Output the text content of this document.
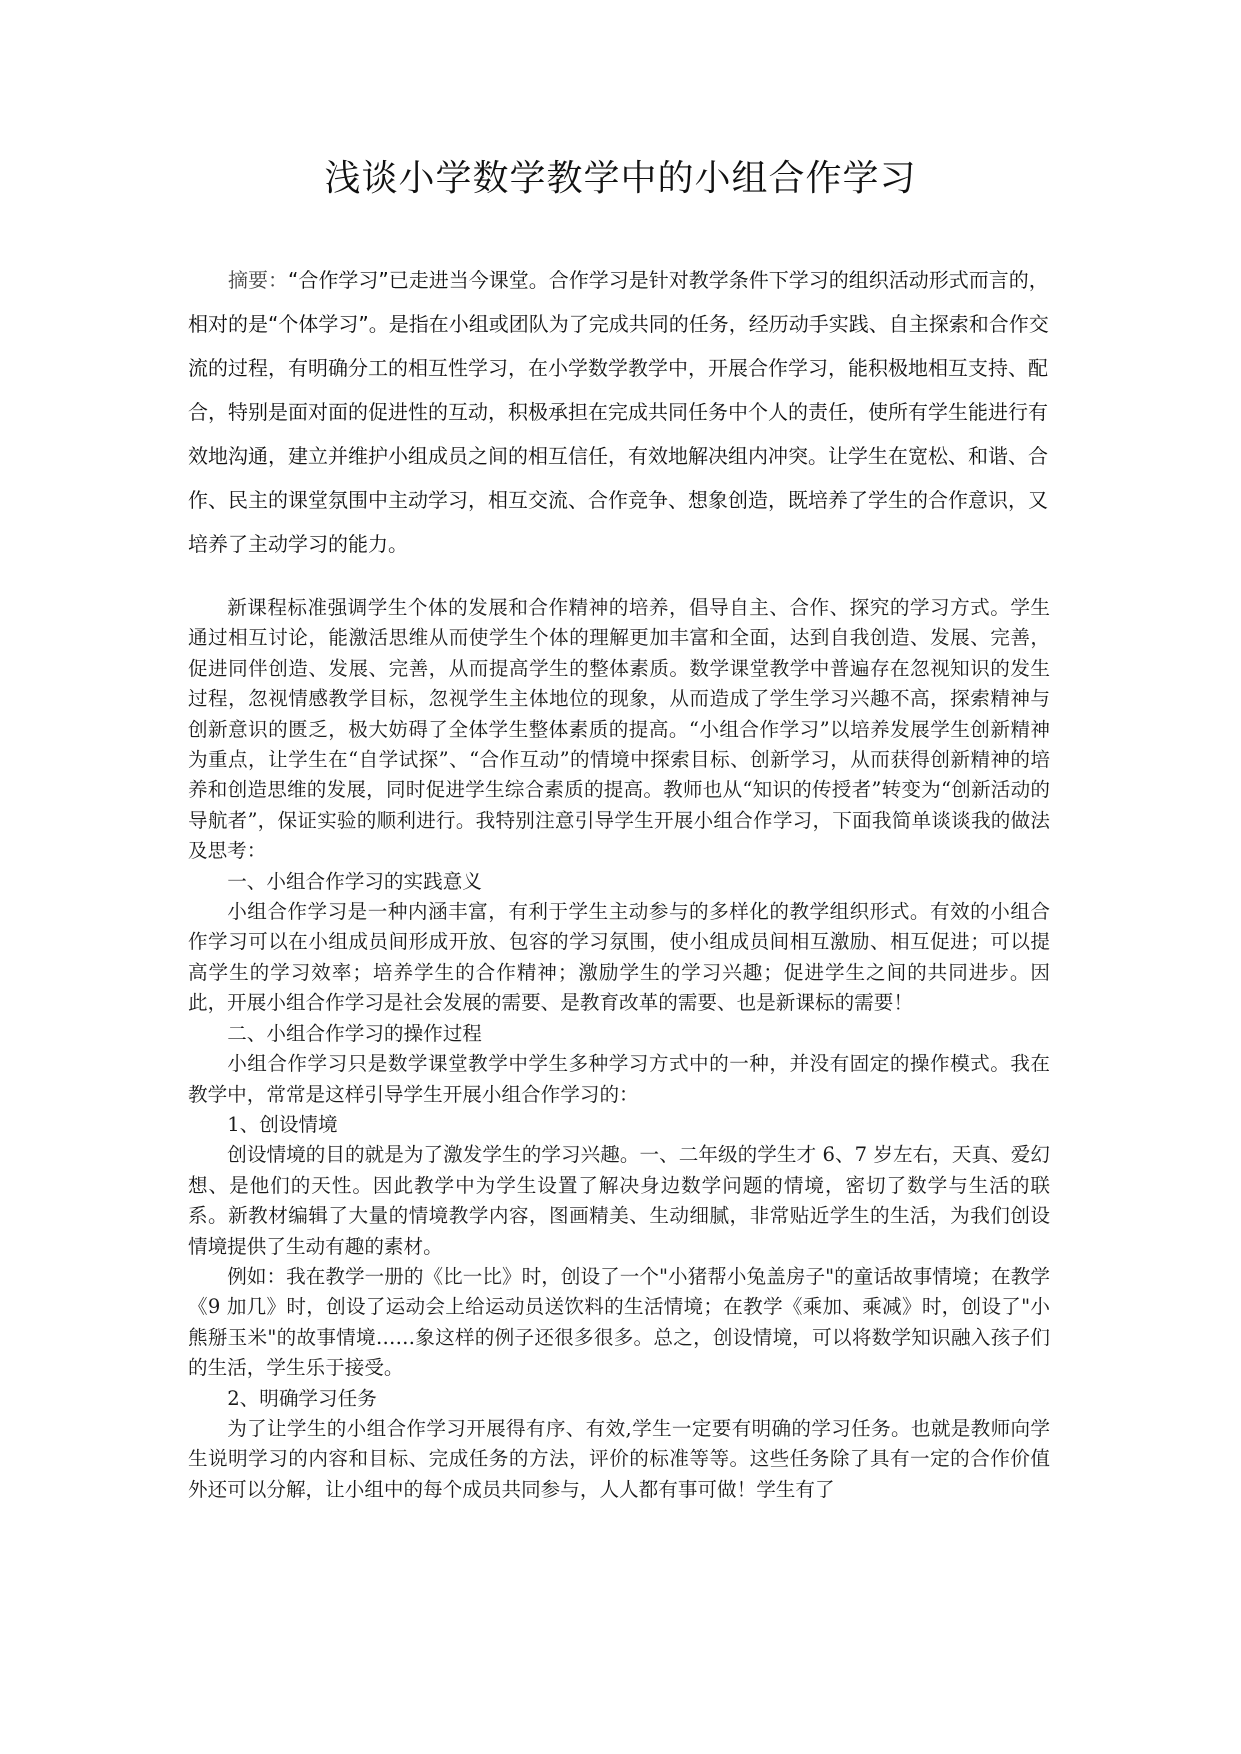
浅谈小学数学教学中的小组合作学习
  摘要：“合作学习”已走进当今课堂。合作学习是针对教学条件下学习的组织活动形式而言的，相对的是“个体学习”。是指在小组或团队为了完成共同的任务，经历动手实践、自主探索和合作交流的过程，有明确分工的相互性学习，在小学数学教学中，开展合作学习，能积极地相互支持、配合，特别是面对面的促进性的互动，积极承担在完成共同任务中个人的责任，使所有学生能进行有效地沟通，建立并维护小组成员之间的相互信任，有效地解决组内冲突。让学生在宽松、和谐、合作、民主的课堂氛围中主动学习，相互交流、合作竞争、想象创造，既培养了学生的合作意识，又培养了主动学习的能力。

新课程标准强调学生个体的发展和合作精神的培养，倡导自主、合作、探究的学习方式。学生通过相互讨论，能激活思维从而使学生个体的理解更加丰富和全面，达到自我创造、发展、完善，促进同伴创造、发展、完善，从而提高学生的整体素质。数学课堂教学中普遍存在忽视知识的发生过程，忽视情感教学目标，忽视学生主体地位的现象，从而造成了学生学习兴趣不高，探索精神与创新意识的匮乏，极大妨碍了全体学生整体素质的提高。“小组合作学习”以培养发展学生创新精神为重点，让学生在“自学试探”、“合作互动”的情境中探索目标、创新学习，从而获得创新精神的培养和创造思维的发展，同时促进学生综合素质的提高。教师也从“知识的传授者”转变为“创新活动的导航者”，保证实验的顺利进行。我特别注意引导学生开展小组合作学习，下面我简单谈谈我的做法及思考：

一、小组合作学习的实践意义

小组合作学习是一种内涵丰富，有利于学生主动参与的多样化的教学组织形式。有效的小组合作学习可以在小组成员间形成开放、包容的学习氛围，使小组成员间相互激励、相互促进；可以提高学生的学习效率；培养学生的合作精神；激励学生的学习兴趣；促进学生之间的共同进步。因此，开展小组合作学习是社会发展的需要、是教育改革的需要、也是新课标的需要！

二、小组合作学习的操作过程

小组合作学习只是数学课堂教学中学生多种学习方式中的一种，并没有固定的操作模式。我在教学中，常常是这样引导学生开展小组合作学习的：

1、创设情境

创设情境的目的就是为了激发学生的学习兴趣。一、二年级的学生才 6、7 岁左右，天真、爱幻想、是他们的天性。因此教学中为学生设置了解决身边数学问题的情境，密切了数学与生活的联系。新教材编辑了大量的情境教学内容，图画精美、生动细腻，非常贴近学生的生活，为我们创设情境提供了生动有趣的素材。

例如：我在教学一册的《比一比》时，创设了一个"小猪帮小兔盖房子"的童话故事情境；在教学《9 加几》时，创设了运动会上给运动员送饮料的生活情境；在教学《乘加、乘减》时，创设了"小熊掰玉米"的故事情境……象这样的例子还很多很多。总之，创设情境，可以将数学知识融入孩子们的生活，学生乐于接受。

2、明确学习任务

为了让学生的小组合作学习开展得有序、有效,学生一定要有明确的学习任务。也就是教师向学生说明学习的内容和目标、完成任务的方法，评价的标准等等。这些任务除了具有一定的合作价值外还可以分解，让小组中的每个成员共同参与，人人都有事可做！学生有了
